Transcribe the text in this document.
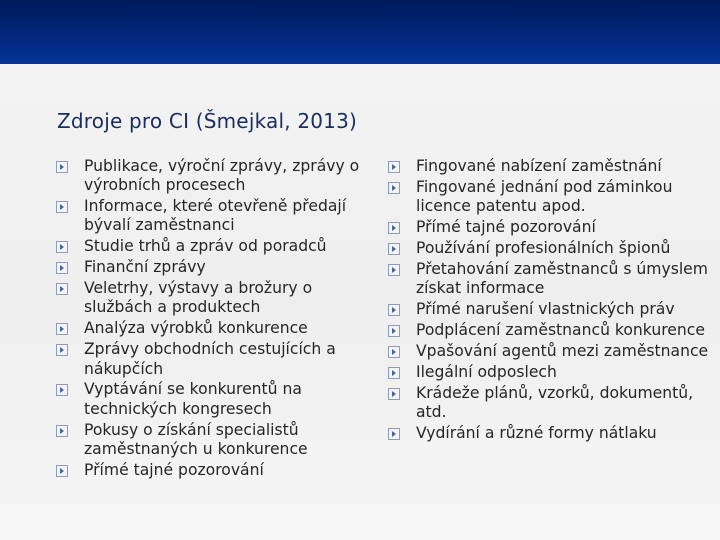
Zdroje pro CI (Šmejkal, 2013)
Publikace, výroční zprávy, zprávy o výrobních procesech
Informace, které otevřeně předají bývalí zaměstnanci
Studie trhů a zpráv od poradců
Finanční zprávy
Veletrhy, výstavy a brožury o službách a produktech
Analýza výrobků konkurence
Zprávy obchodních cestujících a nákupčích
Vyptávání se konkurentů na technických kongresech
Pokusy o získání specialistů zaměstnaných u konkurence
Přímé tajné pozorování
Fingované nabízení zaměstnání
Fingované jednání pod záminkou licence patentu apod.
Přímé tajné pozorování
Používání profesionálních špionů
Přetahování zaměstnanců s úmyslem získat informace
Přímé narušení vlastnických práv
Podplácení zaměstnanců konkurence
Vpašování agentů mezi zaměstnance
Ilegální odposlech
Krádeže plánů, vzorků, dokumentů, atd.
Vydírání a různé formy nátlaku
